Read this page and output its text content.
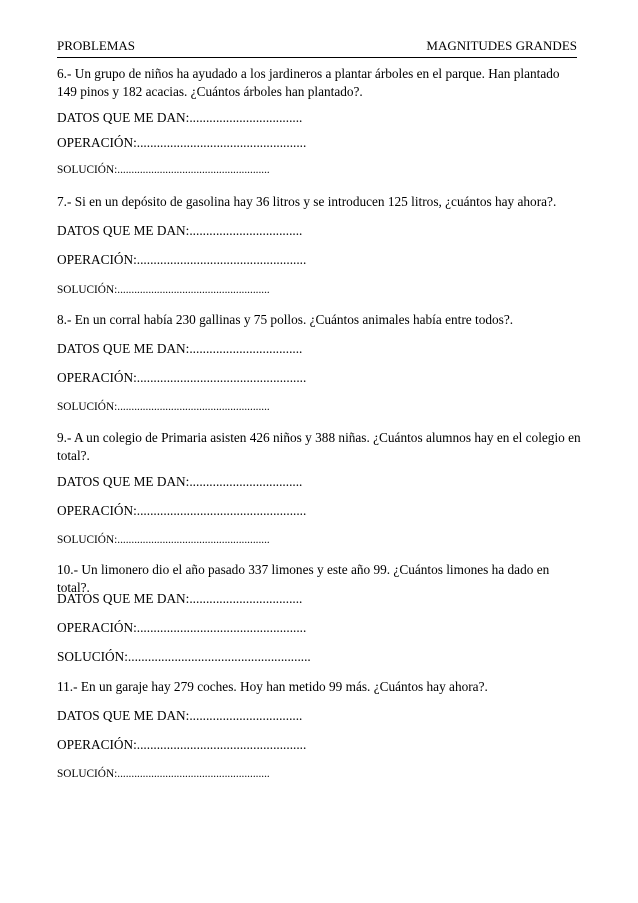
PROBLEMAS	MAGNITUDES GRANDES
6.- Un grupo de niños ha ayudado a los jardineros a plantar árboles en el parque. Han plantado 149 pinos y 182 acacias. ¿Cuántos árboles han plantado?.
DATOS QUE ME DAN:..................................
OPERACIÓN:...................................................
SOLUCIÓN:......................................................
7.- Si en un depósito de gasolina hay 36 litros y se introducen 125 litros, ¿cuántos hay ahora?.
DATOS QUE ME DAN:..................................
OPERACIÓN:...................................................
SOLUCIÓN:......................................................
8.- En un corral había 230 gallinas y 75 pollos. ¿Cuántos animales había entre todos?.
DATOS QUE ME DAN:..................................
OPERACIÓN:...................................................
SOLUCIÓN:......................................................
9.- A un colegio de Primaria asisten 426 niños y 388 niñas. ¿Cuántos alumnos hay en el colegio en total?.
DATOS QUE ME DAN:..................................
OPERACIÓN:...................................................
SOLUCIÓN:......................................................
10.- Un limonero dio el año pasado 337 limones y este año 99. ¿Cuántos limones ha dado en total?.
DATOS QUE ME DAN:..................................
OPERACIÓN:...................................................
SOLUCIÓN:.......................................................
11.- En un garaje hay 279 coches. Hoy han metido 99 más. ¿Cuántos hay ahora?.
DATOS QUE ME DAN:..................................
OPERACIÓN:...................................................
SOLUCIÓN:......................................................
